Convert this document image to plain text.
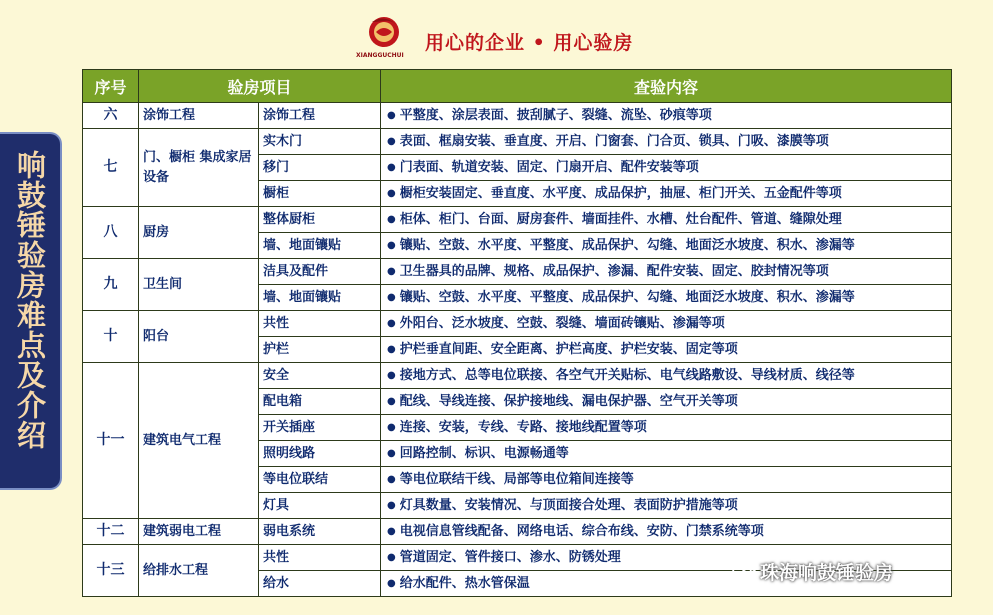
XIANGGUCHUI
用心的企业 • 用心验房
响鼓锤验房难点及介绍
序号	验房项目		查验内容
六	涂饰工程	涂饰工程	● 平整度、涂层表面、披刮腻子、裂缝、流坠、砂痕等项
七	门、橱柜 集成家居设备	实木门	● 表面、框扇安装、垂直度、开启、门窗套、门合页、锁具、门吸、漆膜等项
		移门	● 门表面、轨道安装、固定、门扇开启、配件安装等项
		橱柜	● 橱柜安装固定、垂直度、水平度、成品保护，抽屉、柜门开关、五金配件等项
八	厨房	整体厨柜	● 柜体、柜门、台面、厨房套件、墙面挂件、水槽、灶台配件、管道、缝隙处理
		墙、地面镶贴	● 镶贴、空鼓、水平度、平整度、成品保护、勾缝、地面泛水坡度、积水、渗漏等
九	卫生间	洁具及配件	● 卫生器具的品牌、规格、成品保护、渗漏、配件安装、固定、胶封情况等项
		墙、地面镶贴	● 镶贴、空鼓、水平度、平整度、成品保护、勾缝、地面泛水坡度、积水、渗漏等
十	阳台	共性	● 外阳台、泛水坡度、空鼓、裂缝、墙面砖镶贴、渗漏等项
		护栏	● 护栏垂直间距、安全距离、护栏高度、护栏安装、固定等项
十一	建筑电气工程	安全	● 接地方式、总等电位联接、各空气开关贴标、电气线路敷设、导线材质、线径等
		配电箱	● 配线、导线连接、保护接地线、漏电保护器、空气开关等项
		开关插座	● 连接、安装，专线、专路、接地线配置等项
		照明线路	● 回路控制、标识、电源畅通等
		等电位联结	● 等电位联结干线、局部等电位箱间连接等
		灯具	● 灯具数量、安装情况、与顶面接合处理、表面防护措施等项
十二	建筑弱电工程	弱电系统	● 电视信息管线配备、网络电话、综合布线、安防、门禁系统等项
十三	给排水工程	共性	● 管道固定、管件接口、渗水、防锈处理
		给水	● 给水配件、热水管保温	珠海响鼓锤验房
